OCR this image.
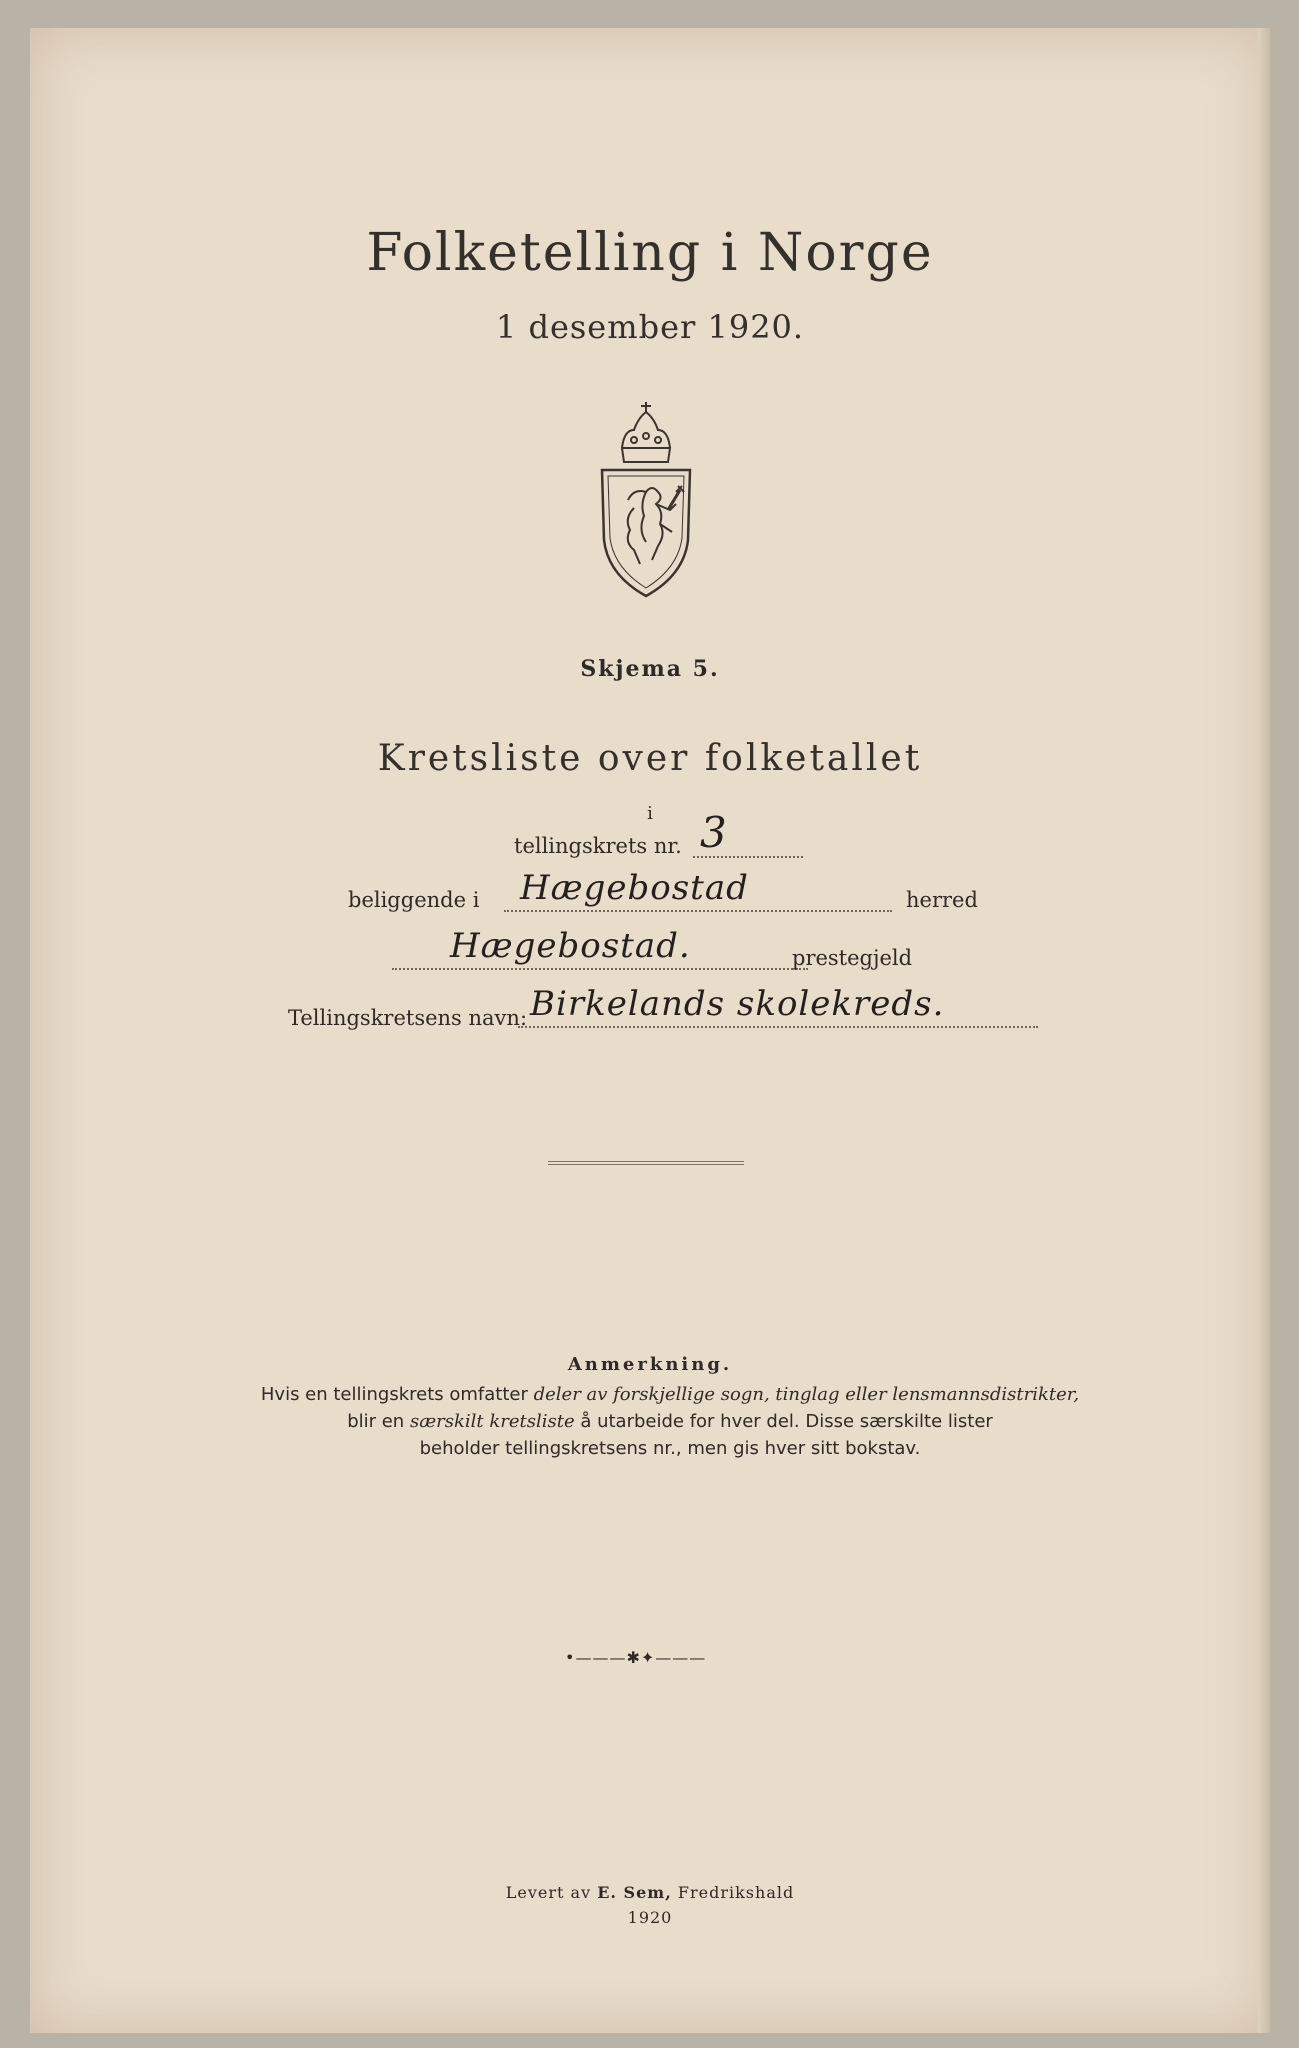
Folketelling i Norge
1 desember 1920.
Skjema 5.
Kretsliste over folketallet
i
tellingskrets nr. 3
beliggende i Hægebostad	herred
Hægebostad.	prestegjeld
Tellingskretsens navn: Birkelands skolekreds.
Anmerkning.
Hvis en tellingskrets omfatter deler av forskjellige sogn, tinglag eller lensmannsdistrikter,
blir en særskilt kretsliste å utarbeide for hver del. Disse særskilte lister
beholder tellingskretsens nr., men gis hver sitt bokstav.
•———✱✦———
Levert av E. Sem, Fredrikshald
1920
